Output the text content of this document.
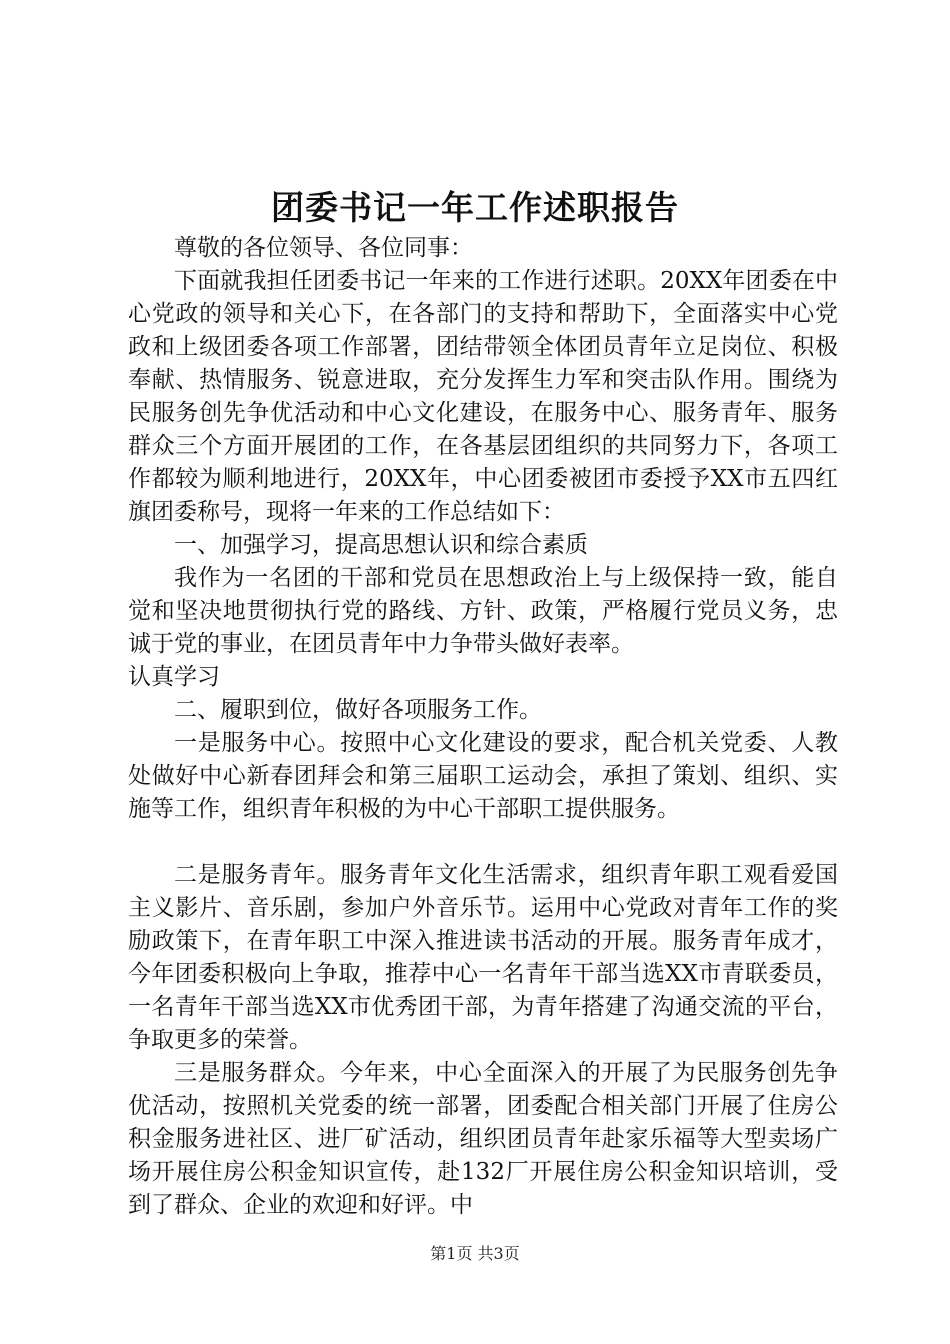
团委书记一年工作述职报告

尊敬的各位领导、各位同事：

下面就我担任团委书记一年来的工作进行述职。20XX年团委在中心党政的领导和关心下，在各部门的支持和帮助下，全面落实中心党政和上级团委各项工作部署，团结带领全体团员青年立足岗位、积极奉献、热情服务、锐意进取，充分发挥生力军和突击队作用。围绕为民服务创先争优活动和中心文化建设，在服务中心、服务青年、服务群众三个方面开展团的工作，在各基层团组织的共同努力下，各项工作都较为顺利地进行，20XX年，中心团委被团市委授予XX市五四红旗团委称号，现将一年来的工作总结如下：

一、加强学习，提高思想认识和综合素质

我作为一名团的干部和党员在思想政治上与上级保持一致，能自觉和坚决地贯彻执行党的路线、方针、政策，严格履行党员义务，忠诚于党的事业，在团员青年中力争带头做好表率。

认真学习

二、履职到位，做好各项服务工作。

一是服务中心。按照中心文化建设的要求，配合机关党委、人教处做好中心新春团拜会和第三届职工运动会，承担了策划、组织、实施等工作，组织青年积极的为中心干部职工提供服务。

二是服务青年。服务青年文化生活需求，组织青年职工观看爱国主义影片、音乐剧，参加户外音乐节。运用中心党政对青年工作的奖励政策下，在青年职工中深入推进读书活动的开展。服务青年成才，今年团委积极向上争取，推荐中心一名青年干部当选XX市青联委员，一名青年干部当选XX市优秀团干部，为青年搭建了沟通交流的平台，争取更多的荣誉。

三是服务群众。今年来，中心全面深入的开展了为民服务创先争优活动，按照机关党委的统一部署，团委配合相关部门开展了住房公积金服务进社区、进厂矿活动，组织团员青年赴家乐福等大型卖场广场开展住房公积金知识宣传，赴132厂开展住房公积金知识培训，受到了群众、企业的欢迎和好评。中

第1页 共3页
